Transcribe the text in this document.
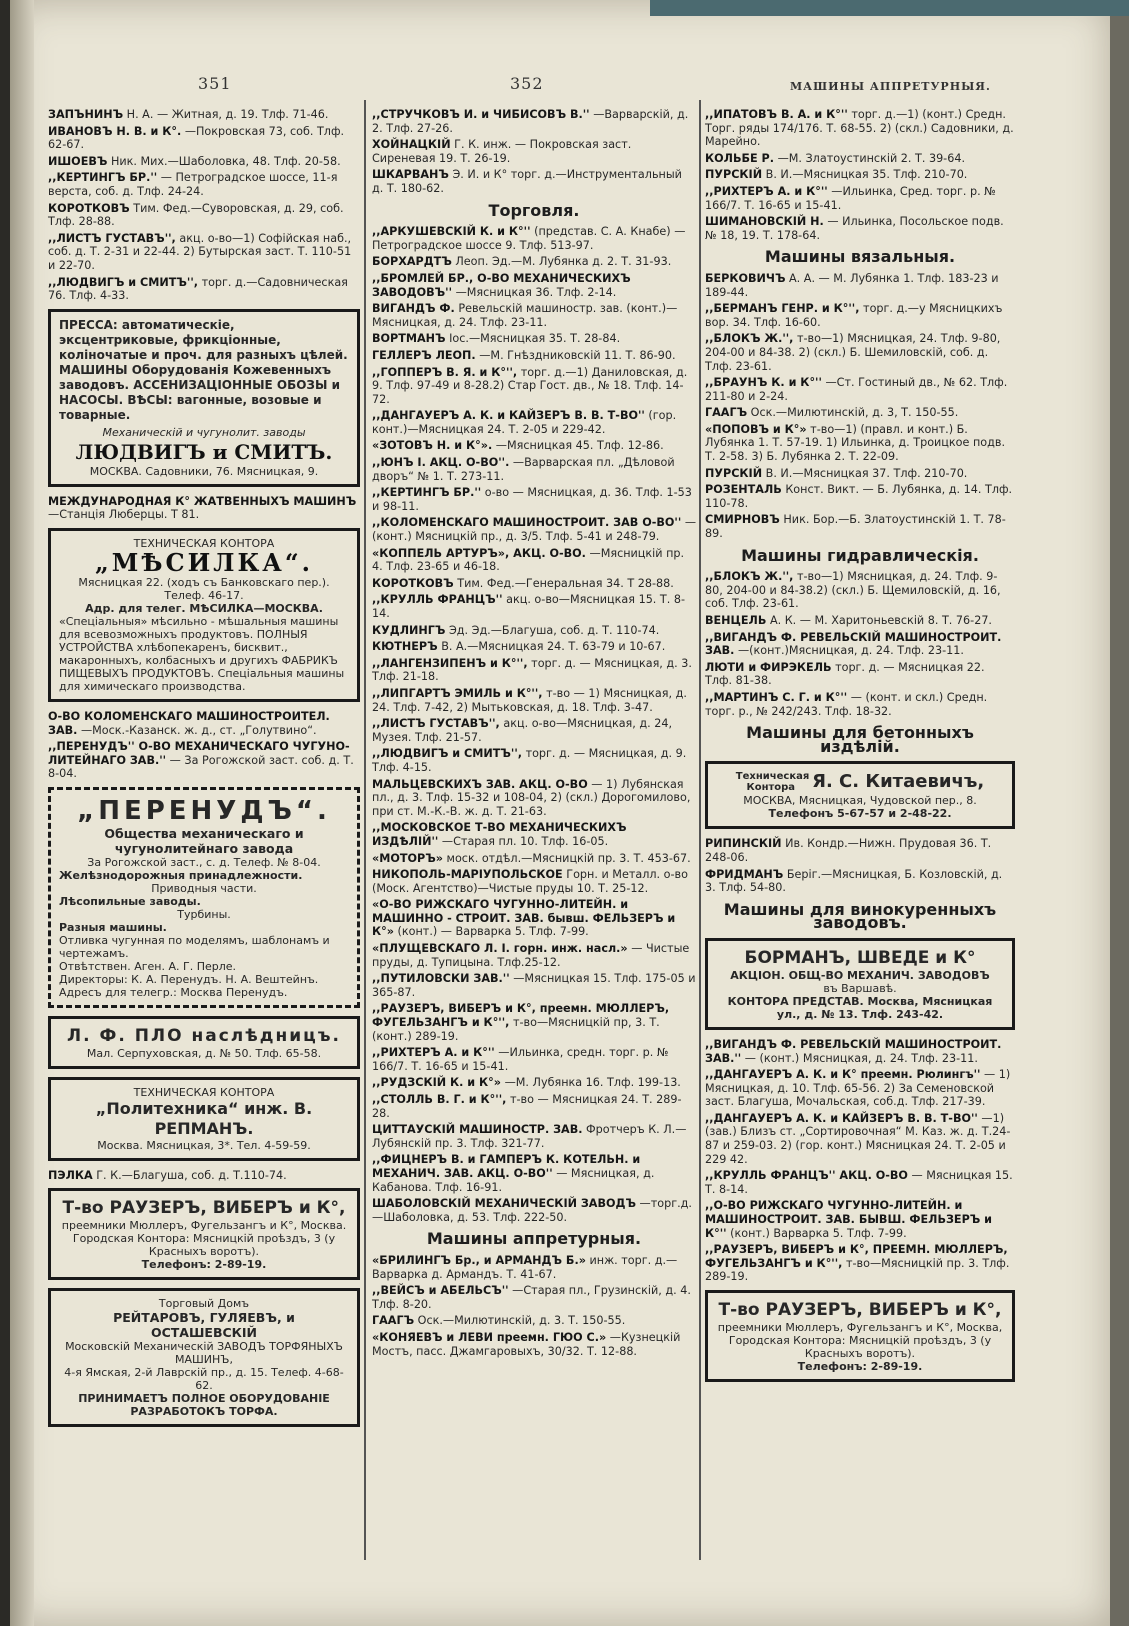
351	352	МАШИНЫ АППРЕТУРНЫЯ.

ЗАПЪНИНЪ Н. А. — Житная, д. 19. Тлф. 71-46.

ИВАНОВЪ Н. В. и К°. —Покровская 73, соб. Тлф. 62-67.

ИШОЕВЪ Ник. Мих.—Шаболовка, 48. Тлф. 20-58.

,,КЕРТИНГЪ БР.'' — Петроградское шоссе, 11-я верста, соб. д. Тлф. 24-24.

КОРОТКОВЪ Тим. Фед.—Суворовская, д. 29, соб. Тлф. 28-88.

,,ЛИСТЪ ГУСТАВЪ'', акц. о-во—1) Софійская наб., соб. д. Т. 2-31 и 22-44. 2) Бутырская заст. Т. 110-51 и 22-70.

,,ЛЮДВИГЪ и СМИТЪ'', торг. д.—Садовническая 76. Тлф. 4-33.

ПРЕССА: автоматическіе, эксцентриковые, фрикціонные, коліночатые и проч. для разныхъ цѣлей. МАШИНЫ Оборудованія Кожевенныхъ заводовъ. АССЕНИЗАЦІОННЫЕ ОБОЗЫ и НАСОСЫ. ВѢСЫ: вагонные, возовые и товарные.
Механическій и чугунолит. заводы
ЛЮДВИГЪ и СМИТЪ.
МОСКВА. Садовники, 76. Мясницкая, 9.

МЕЖДУНАРОДНАЯ К° ЖАТВЕННЫХЪ МАШИНЪ —Станція Люберцы. Т 81.

ТЕХНИЧЕСКАЯ КОНТОРА
„МѢСИЛКА“.
Мясницкая 22. (ходъ съ Банковскаго пер.). Телеф. 46-17.
Адр. для телег. МѢСИЛКА—МОСКВА.
«Спеціальныя» мѣсильно - мѣшальныя машины для всевозможныхъ продуктовъ. ПОЛНЫЯ УСТРОЙСТВА хлѣбопекаренъ, бисквит., макаронныхъ, колбасныхъ и другихъ ФАБРИКЪ ПИЩЕВЫХЪ ПРОДУКТОВЪ. Спеціальныя машины для химическаго производства.

О-ВО КОЛОМЕНСКАГО МАШИНОСТРОИТЕЛ. ЗАВ. —Моск.-Казанск. ж. д., ст. „Голутвино“.

,,ПЕРЕНУДЪ'' О-ВО МЕХАНИЧЕСКАГО ЧУГУНО-ЛИТЕЙНАГО ЗАВ.'' — За Рогожской заст. соб. д. Т. 8-04.

„ПЕРЕНУДЪ“.
Общества механическаго и чугунолитейнаго завода
За Рогожской заст., с. д. Телеф. № 8-04.
Желѣзнодорожныя принадлежности.
Приводныя части.
Лѣсопильные заводы.
Турбины.
Разныя машины.
Отливка чугунная по моделямъ, шаблонамъ и чертежамъ.
Отвѣтствен. Аген. А. Г. Перле.
Директоры: К. А. Перенудъ. Н. А. Вештейнъ.
Адресъ для телегр.: Москва Перенудъ.
Л. Ф. ПЛО наслѣдницъ.
Мал. Серпуховская, д. № 50. Тлф. 65-58.
ТЕХНИЧЕСКАЯ КОНТОРА
„Политехника“ инж. В. РЕПМАНЪ.
Москва. Мясницкая, 3*. Тел. 4-59-59.

ПЭЛКА Г. К.—Благуша, соб. д. Т.110-74.

Т-во РАУЗЕРЪ, ВИБЕРЪ и К°,
преемники Мюллеръ, Фугельзангъ и К°, Москва. Городская Контора: Мясницкій проѣздъ, 3 (у Красныхъ воротъ).
Телефонъ: 2-89-19.
Торговый Домъ
РЕЙТАРОВЪ, ГУЛЯЕВЪ, и ОСТАШЕВСКІЙ
Московскій Механическій ЗАВОДЪ ТОРФЯНЫХЪ МАШИНЪ,
4-я Ямская, 2-й Лаврскій пр., д. 15. Телеф. 4-68-62.
ПРИНИМАЕТЪ ПОЛНОЕ ОБОРУДОВАНІЕ РАЗРАБОТОКЪ ТОРФА.

,,СТРУЧКОВЪ И. и ЧИБИСОВЪ В.'' —Варварскій, д. 2. Тлф. 27-26.

ХОЙНАЦКІЙ Г. К. инж. — Покровская заст. Сиреневая 19. Т. 26-19.

ШКАРВАНЪ Э. И. и К° торг. д.—Инструментальный д. Т. 180-62.

Торговля.

,,АРКУШЕВСКІЙ К. и К°'' (представ. С. А. Кнабе) — Петроградское шоссе 9. Тлф. 513-97.

БОРХАРДТЪ Леоп. Эд.—М. Лубянка д. 2. Т. 31-93.

,,БРОМЛЕЙ БР., О-ВО МЕХАНИЧЕСКИХЪ ЗАВОДОВЪ'' —Мясницкая 36. Тлф. 2-14.

ВИГАНДЪ Ф. Ревельскій машиностр. зав. (конт.)—Мясницкая, д. 24. Тлф. 23-11.

ВОРТМАНЪ Іос.—Мясницкая 35. Т. 28-84.

ГЕЛЛЕРЪ ЛЕОП. —М. Гнѣздниковскій 11. Т. 86-90.

,,ГОППЕРЪ В. Я. и К°'', торг. д.—1) Даниловская, д. 9. Тлф. 97-49 и 8-28.2) Стар Гост. дв., № 18. Тлф. 14-72.

,,ДАНГАУЕРЪ А. К. и КАЙЗЕРЪ В. В. Т-ВО'' (гор. конт.)—Мясницкая 24. Т. 2-05 и 229-42.

«ЗОТОВЪ Н. и К°». —Мясницкая 45. Тлф. 12-86.

,,ЮНЪ І. АКЦ. О-ВО''. —Варварская пл. „Дѣловой дворъ“ № 1. Т. 273-11.

,,КЕРТИНГЪ БР.'' о-во — Мясницкая, д. 36. Тлф. 1-53 и 98-11.

,,КОЛОМЕНСКАГО МАШИНОСТРОИТ. ЗАВ О-ВО'' — (конт.) Мясницкій пр., д. 3/5. Тлф. 5-41 и 248-79.

«КОППЕЛЬ АРТУРЪ», АКЦ. О-ВО. —Мясницкій пр. 4. Тлф. 23-65 и 46-18.

КОРОТКОВЪ Тим. Фед.—Генеральная 34. Т 28-88.

,,КРУЛЛЬ ФРАНЦЪ'' акц. о-во—Мясницкая 15. Т. 8-14.

КУДЛИНГЪ Эд. Эд.—Благуша, соб. д. Т. 110-74.

КЮТНЕРЪ В. А.—Мясницкая 24. Т. 63-79 и 10-67.

,,ЛАНГЕНЗИПЕНЪ и К°'', торг. д. — Мясницкая, д. 3. Тлф. 21-18.

,,ЛИПГАРТЪ ЭМИЛЬ и К°'', т-во — 1) Мясницкая, д. 24. Тлф. 7-42, 2) Мытьковская, д. 18. Тлф. 3-47.

,,ЛИСТЪ ГУСТАВЪ'', акц. о-во—Мясницкая, д. 24, Музея. Тлф. 21-57.

,,ЛЮДВИГЪ и СМИТЪ'', торг. д. — Мясницкая, д. 9. Тлф. 4-15.

МАЛЬЦЕВСКИХЪ ЗАВ. АКЦ. О-ВО — 1) Лубянская пл., д. 3. Тлф. 15-32 и 108-04, 2) (скл.) Дорогомилово, при ст. М.-К.-В. ж. д. Т. 21-63.

,,МОСКОВСКОЕ Т-ВО МЕХАНИЧЕСКИХЪ ИЗДѢЛІЙ'' —Старая пл. 10. Тлф. 16-05.

«МОТОРЪ» моск. отдѣл.—Мясницкій пр. 3. Т. 453-67.

НИКОПОЛЬ-МАРІУПОЛЬСКОЕ Горн. и Металл. о-во (Моск. Агентство)—Чистые пруды 10. Т. 25-12.

«О-ВО РИЖСКАГО ЧУГУННО-ЛИТЕЙН. и МАШИННО - СТРОИТ. ЗАВ. бывш. ФЕЛЬЗЕРЪ и К°» (конт.) — Варварка 5. Тлф. 7-99.

«ПЛУЩЕВСКАГО Л. І. горн. инж. насл.» — Чистые пруды, д. Тупицына. Тлф.25-12.

,,ПУТИЛОВСКИ ЗАВ.'' —Мясницкая 15. Тлф. 175-05 и 365-87.

,,РАУЗЕРЪ, ВИБЕРЪ и К°, преемн. МЮЛЛЕРЪ, ФУГЕЛЬЗАНГЪ и К°'', т-во—Мясницкій пр, 3. Т. (конт.) 289-19.

,,РИХТЕРЪ А. и К°'' —Ильинка, средн. торг. р. № 166/7. Т. 16-65 и 15-41.

,,РУДЗСКІЙ К. и К°» —М. Лубянка 16. Тлф. 199-13.

,,СТОЛЛЬ В. Г. и К°'', т-во — Мясницкая 24. Т. 289-28.

ЦИТТАУСКІЙ МАШИНОСТР. ЗАВ. Фротчеръ К. Л.—Лубянскій пр. 3. Тлф. 321-77.

,,ФИЦНЕРЪ В. и ГАМПЕРЪ К. КОТЕЛЬН. и МЕХАНИЧ. ЗАВ. АКЦ. О-ВО'' — Мясницкая, д. Кабанова. Тлф. 16-91.

ШАБОЛОВСКІЙ МЕХАНИЧЕСКІЙ ЗАВОДЪ —торг.д.—Шаболовка, д. 53. Тлф. 222-50.

Машины аппретурныя.

«БРИЛИНГЪ Бр., и АРМАНДЪ Б.» инж. торг. д.—Варварка д. Армандъ. Т. 41-67.

,,ВЕЙСЪ и АБЕЛЬСЪ'' —Старая пл., Грузинскій, д. 4. Тлф. 8-20.

ГААГЪ Оск.—Милютинскій, д. 3. Т. 150-55.

«КОНЯЕВЪ и ЛЕВИ преемн. ГЮО С.» —Кузнецкій Мостъ, пасс. Джамгаровыхъ, 30/32. Т. 12-88.

,,ИПАТОВЪ В. А. и К°'' торг. д.—1) (конт.) Средн. Торг. ряды 174/176. Т. 68-55. 2) (скл.) Садовники, д. Марейно.

КОЛЬБЕ Р. —М. Златоустинскій 2. Т. 39-64.

ПУРСКІЙ В. И.—Мясницкая 35. Тлф. 210-70.

,,РИХТЕРЪ А. и К°'' —Ильинка, Сред. торг. р. № 166/7. Т. 16-65 и 15-41.

ШИМАНОВСКІЙ Н. — Ильинка, Посольское подв. № 18, 19. Т. 178-64.

Машины вязальныя.

БЕРКОВИЧЪ А. А. — М. Лубянка 1. Тлф. 183-23 и 189-44.

,,БЕРМАНЪ ГЕНР. и К°'', торг. д.—у Мясницкихъ вор. 34. Тлф. 16-60.

,,БЛОКЪ Ж.'', т-во—1) Мясницкая, 24. Тлф. 9-80, 204-00 и 84-38. 2) (скл.) Б. Шемиловскій, соб. д. Тлф. 23-61.

,,БРАУНЪ К. и К°'' —Ст. Гостиный дв., № 62. Тлф. 211-80 и 2-24.

ГААГЪ Оск.—Милютинскій, д. 3, Т. 150-55.

«ПОПОВЪ и К°» т-во—1) (правл. и конт.) Б. Лубянка 1. Т. 57-19. 1) Ильинка, д. Троицкое подв. Т. 2-58. 3) Б. Лубянка 2. Т. 22-09.

ПУРСКІЙ В. И.—Мясницкая 37. Тлф. 210-70.

РОЗЕНТАЛЬ Конст. Викт. — Б. Лубянка, д. 14. Тлф. 110-78.

СМИРНОВЪ Ник. Бор.—Б. Златоустинскій 1. Т. 78-89.

Машины гидравлическія.

,,БЛОКЪ Ж.'', т-во—1) Мясницкая, д. 24. Тлф. 9-80, 204-00 и 84-38.2) (скл.) Б. Щемиловскій, д. 16, соб. Тлф. 23-61.

ВЕНЦЕЛЬ А. К. — М. Харитоньевскій 8. Т. 76-27.

,,ВИГАНДЪ Ф. РЕВЕЛЬСКІЙ МАШИНОСТРОИТ. ЗАВ. —(конт.)Мясницкая, д. 24. Тлф. 23-11.

ЛЮТИ и ФИРЭКЕЛЬ торг. д. — Мясницкая 22. Тлф. 81-38.

,,МАРТИНЪ С. Г. и К°'' — (конт. и скл.) Средн. торг. р., № 242/243. Тлф. 18-32.

Машины для бетонныхъ издѣлій.
Техническая Контора Я. С. Китаевичъ,
МОСКВА, Мясницкая, Чудовской пер., 8.
Телефонъ 5-67-57 и 2-48-22.

РИПИНСКІЙ Ив. Кондр.—Нижн. Прудовая 36. Т. 248-06.

ФРИДМАНЪ Беріг.—Мясницкая, Б. Козловскій, д. 3. Тлф. 54-80.

Машины для винокуренныхъ заводовъ.
БОРМАНЪ, ШВЕДЕ и К°
АКЦІОН. ОБЩ-ВО МЕХАНИЧ. ЗАВОДОВЪ
въ Варшавѣ.
КОНТОРА ПРЕДСТАВ. Москва, Мясницкая ул., д. № 13. Тлф. 243-42.

,,ВИГАНДЪ Ф. РЕВЕЛЬСКІЙ МАШИНОСТРОИТ. ЗАВ.'' — (конт.) Мясницкая, д. 24. Тлф. 23-11.

,,ДАНГАУЕРЪ А. К. и К° преемн. Рюлингъ'' — 1) Мясницкая, д. 10. Тлф. 65-56. 2) За Семеновской заст. Благуша, Мочальская, соб.д. Тлф. 217-39.

,,ДАНГАУЕРЪ А. К. и КАЙЗЕРЪ В. В. Т-ВО'' —1) (зав.) Близъ ст. „Сортировочная“ М. Каз. ж. д. Т.24-87 и 259-03. 2) (гор. конт.) Мясницкая 24. Т. 2-05 и 229 42.

,,КРУЛЛЬ ФРАНЦЪ'' АКЦ. О-ВО — Мясницкая 15. Т. 8-14.

,,О-ВО РИЖСКАГО ЧУГУННО-ЛИТЕЙН. и МАШИНОСТРОИТ. ЗАВ. БЫВШ. ФЕЛЬЗЕРЪ и К°'' (конт.) Варварка 5. Тлф. 7-99.

,,РАУЗЕРЪ, ВИБЕРЪ и К°, ПРЕЕМН. МЮЛЛЕРЪ, ФУГЕЛЬЗАНГЪ и К°'', т-во—Мясницкій пр. 3. Тлф. 289-19.

Т-во РАУЗЕРЪ, ВИБЕРЪ и К°,
преемники Мюллеръ, Фугельзангъ и К°, Москва, Городская Контора: Мясницкій проѣздъ, 3 (у Красныхъ воротъ).
Телефонъ: 2-89-19.
